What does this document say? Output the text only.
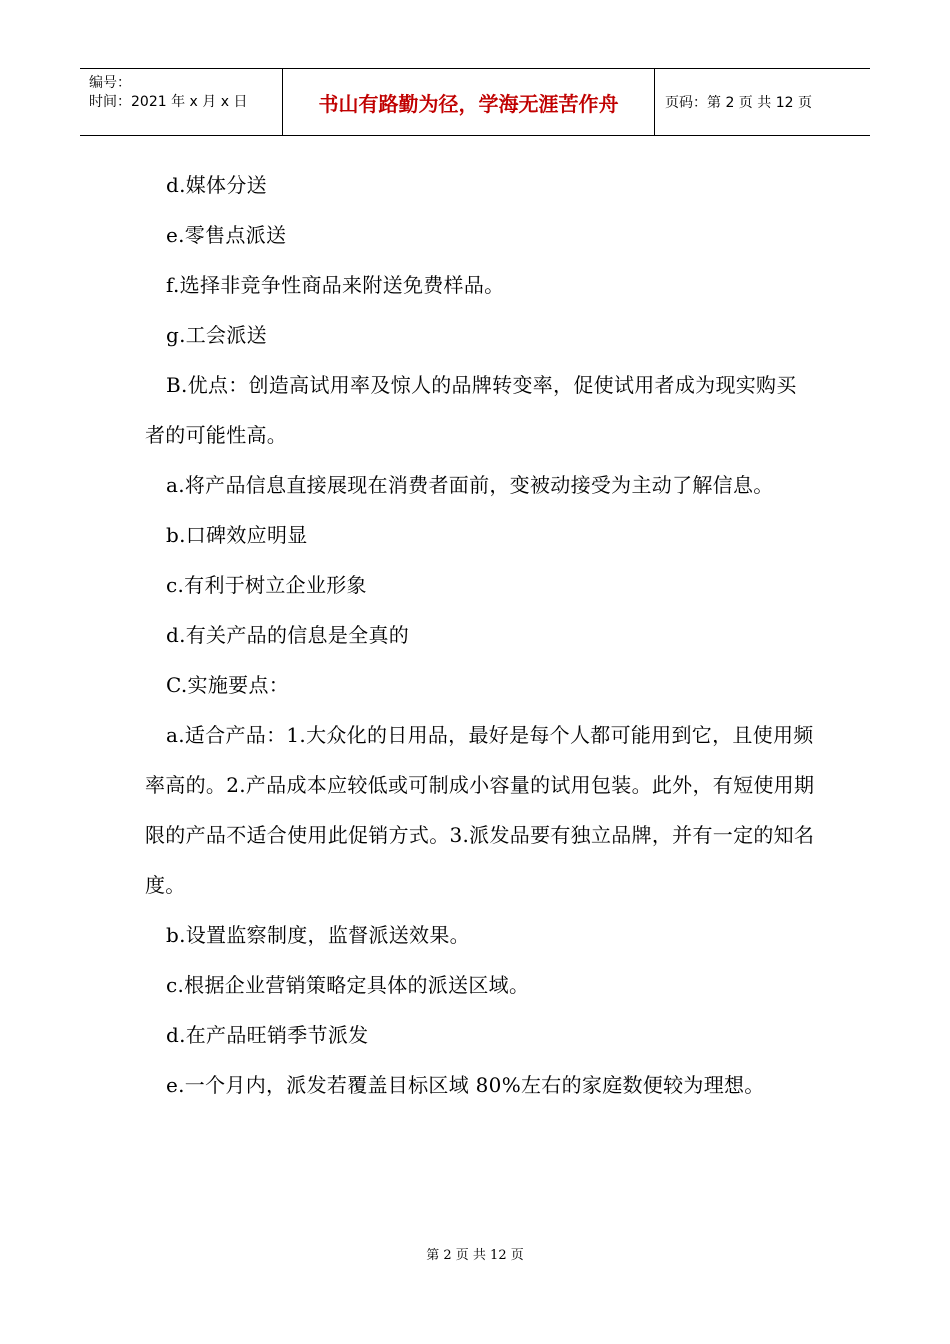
编号：
时间：2021 年 x 月 x 日	书山有路勤为径，学海无涯苦作舟	页码：第 2 页 共 12 页

d.媒体分送

e.零售点派送

f.选择非竞争性商品来附送免费样品。

g.工会派送

B.优点：创造高试用率及惊人的品牌转变率，促使试用者成为现实购买者的可能性高。

a.将产品信息直接展现在消费者面前，变被动接受为主动了解信息。

b.口碑效应明显

c.有利于树立企业形象

d.有关产品的信息是全真的

C.实施要点：

a.适合产品：1.大众化的日用品，最好是每个人都可能用到它，且使用频率高的。2.产品成本应较低或可制成小容量的试用包装。此外，有短使用期限的产品不适合使用此促销方式。3.派发品要有独立品牌，并有一定的知名度。

b.设置监察制度，监督派送效果。

c.根据企业营销策略定具体的派送区域。

d.在产品旺销季节派发

e.一个月内，派发若覆盖目标区域 80%左右的家庭数便较为理想。

第 2 页 共 12 页
